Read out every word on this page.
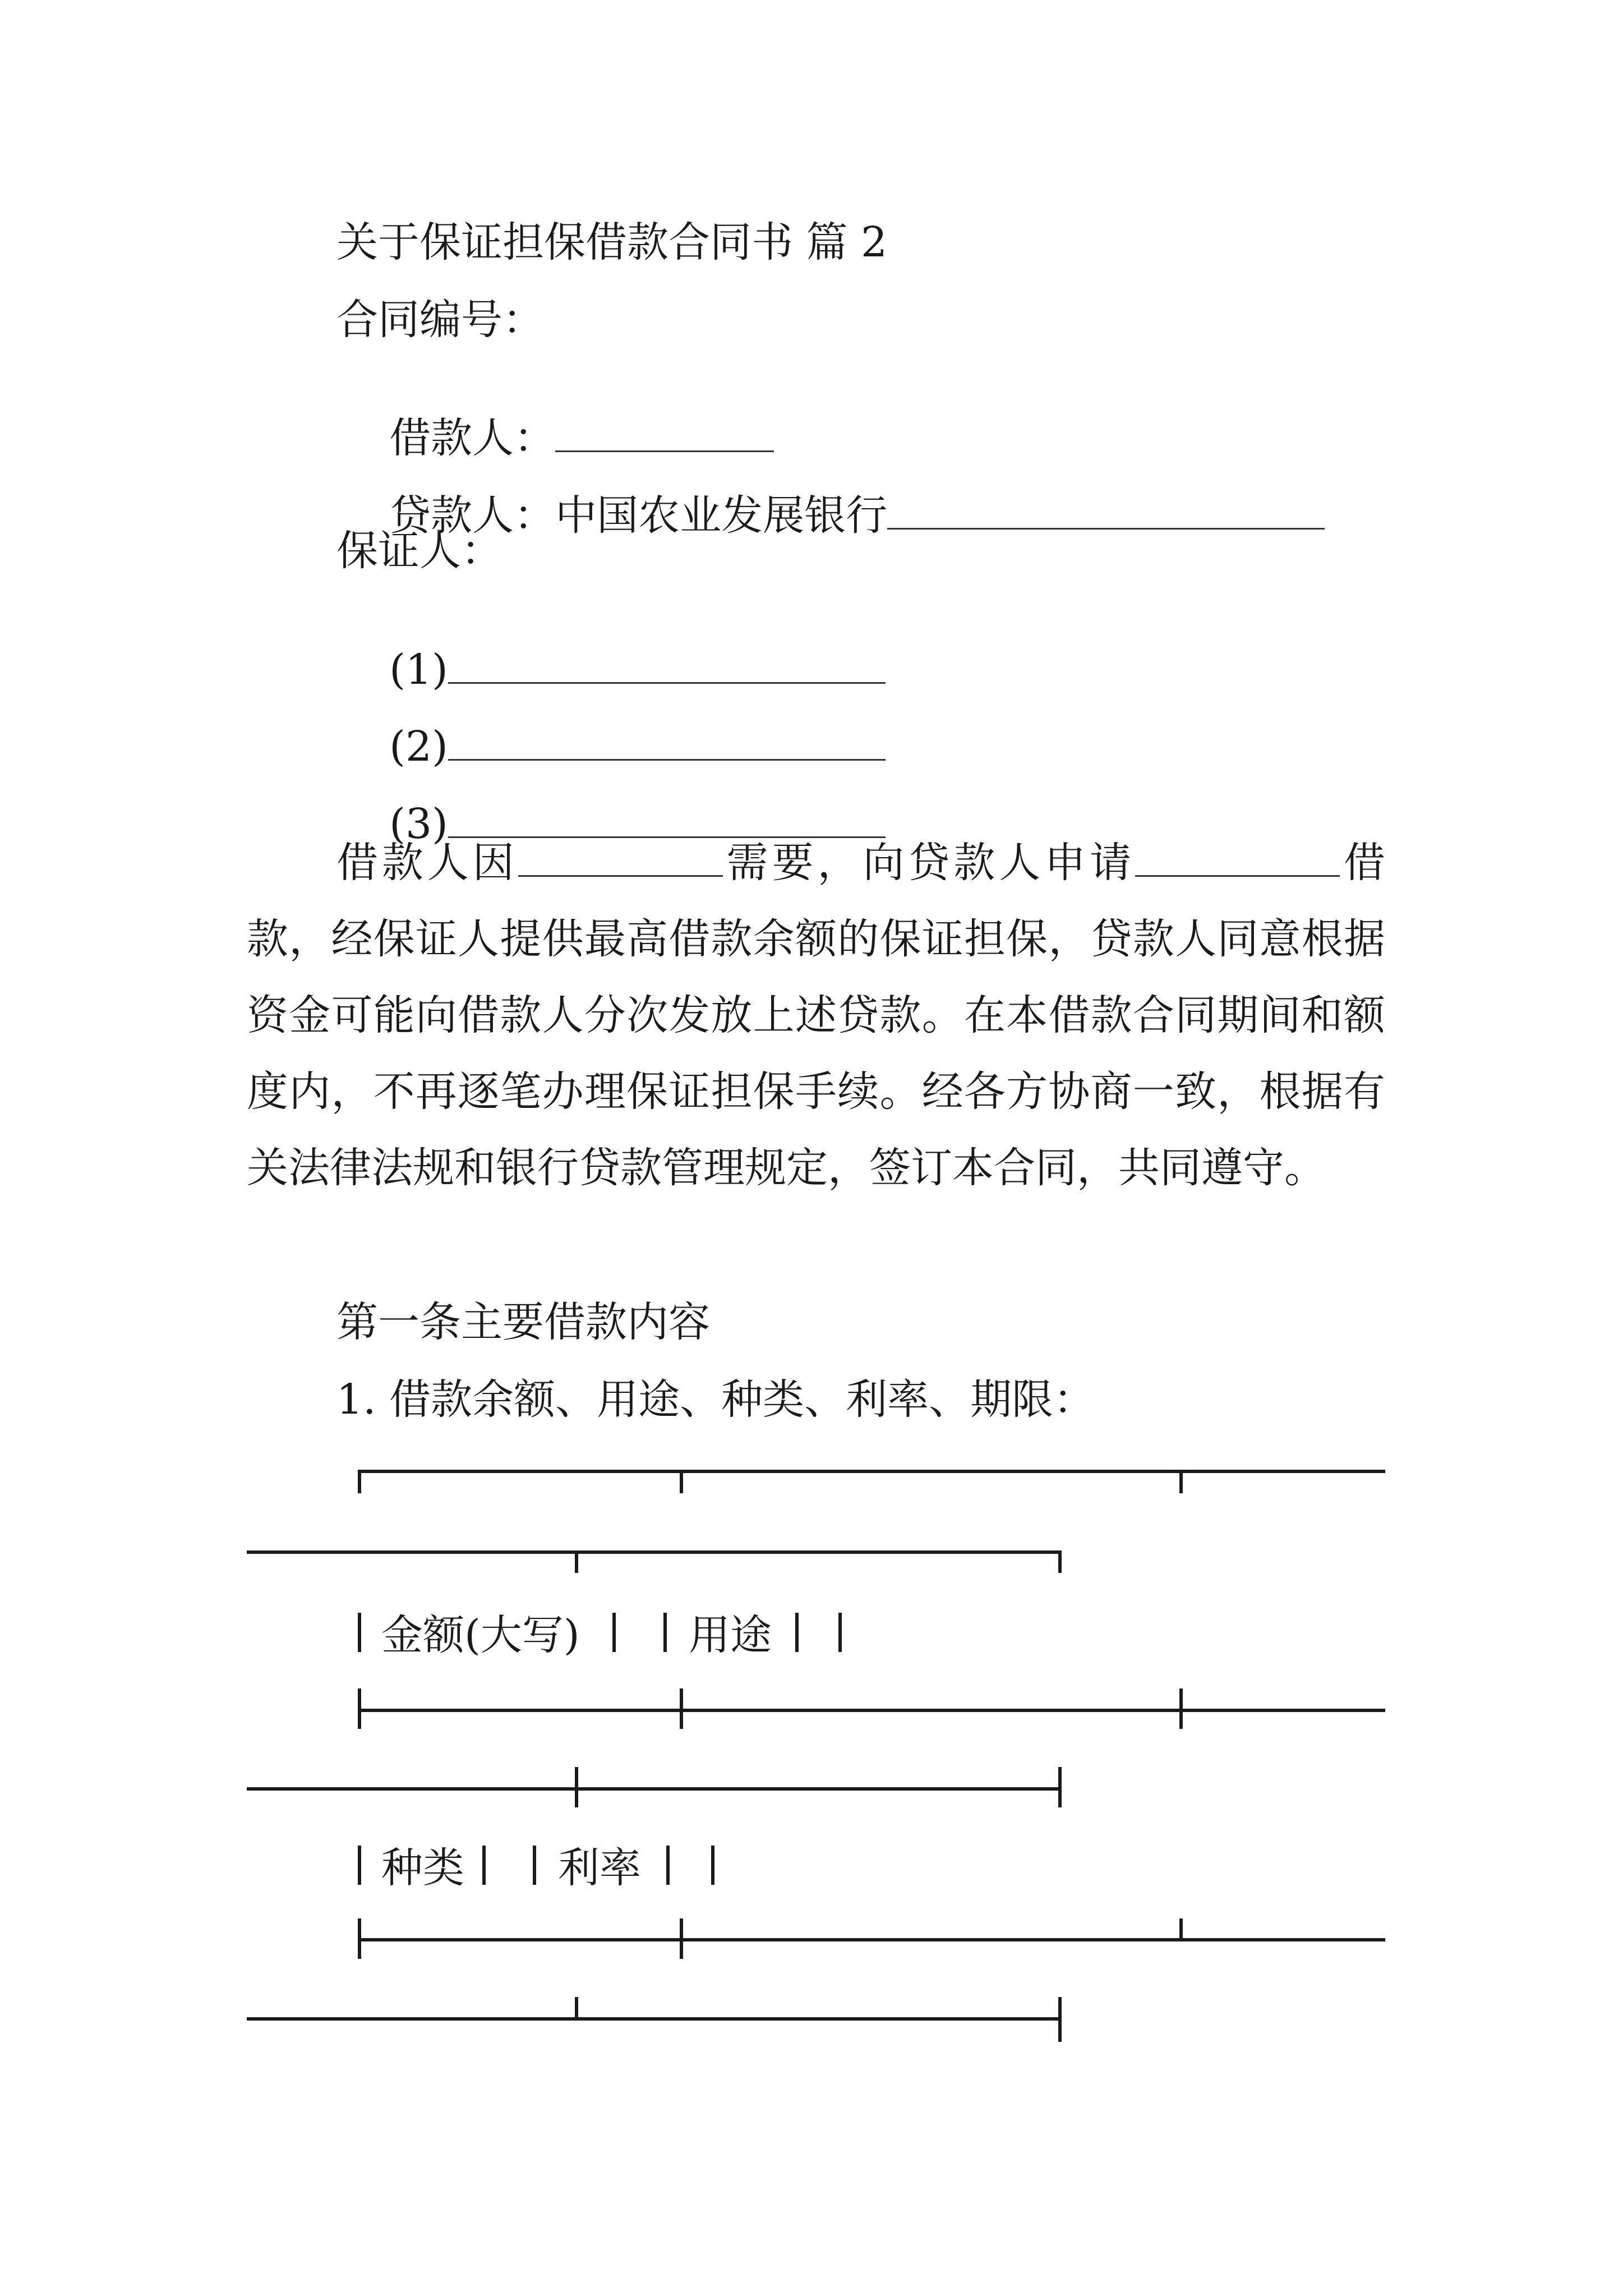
关于保证担保借款合同书 篇 2
合同编号：

借款人：

贷款人：中国农业发展银行

保证人：

(1)

(2)

(3)

借款人因	需要，向贷款人申请	借款，经保证人提供最高借款余额的保证担保，贷款人同意根据资金可能向借款人分次发放上述贷款。在本借款合同期间和额度内，不再逐笔办理保证担保手续。经各方协商一致，根据有关法律法规和银行贷款管理规定，签订本合同，共同遵守。
第一条主要借款内容
1. 借款余额、用途、种类、利率、期限：
金额(大写)	用途
种类 利率
